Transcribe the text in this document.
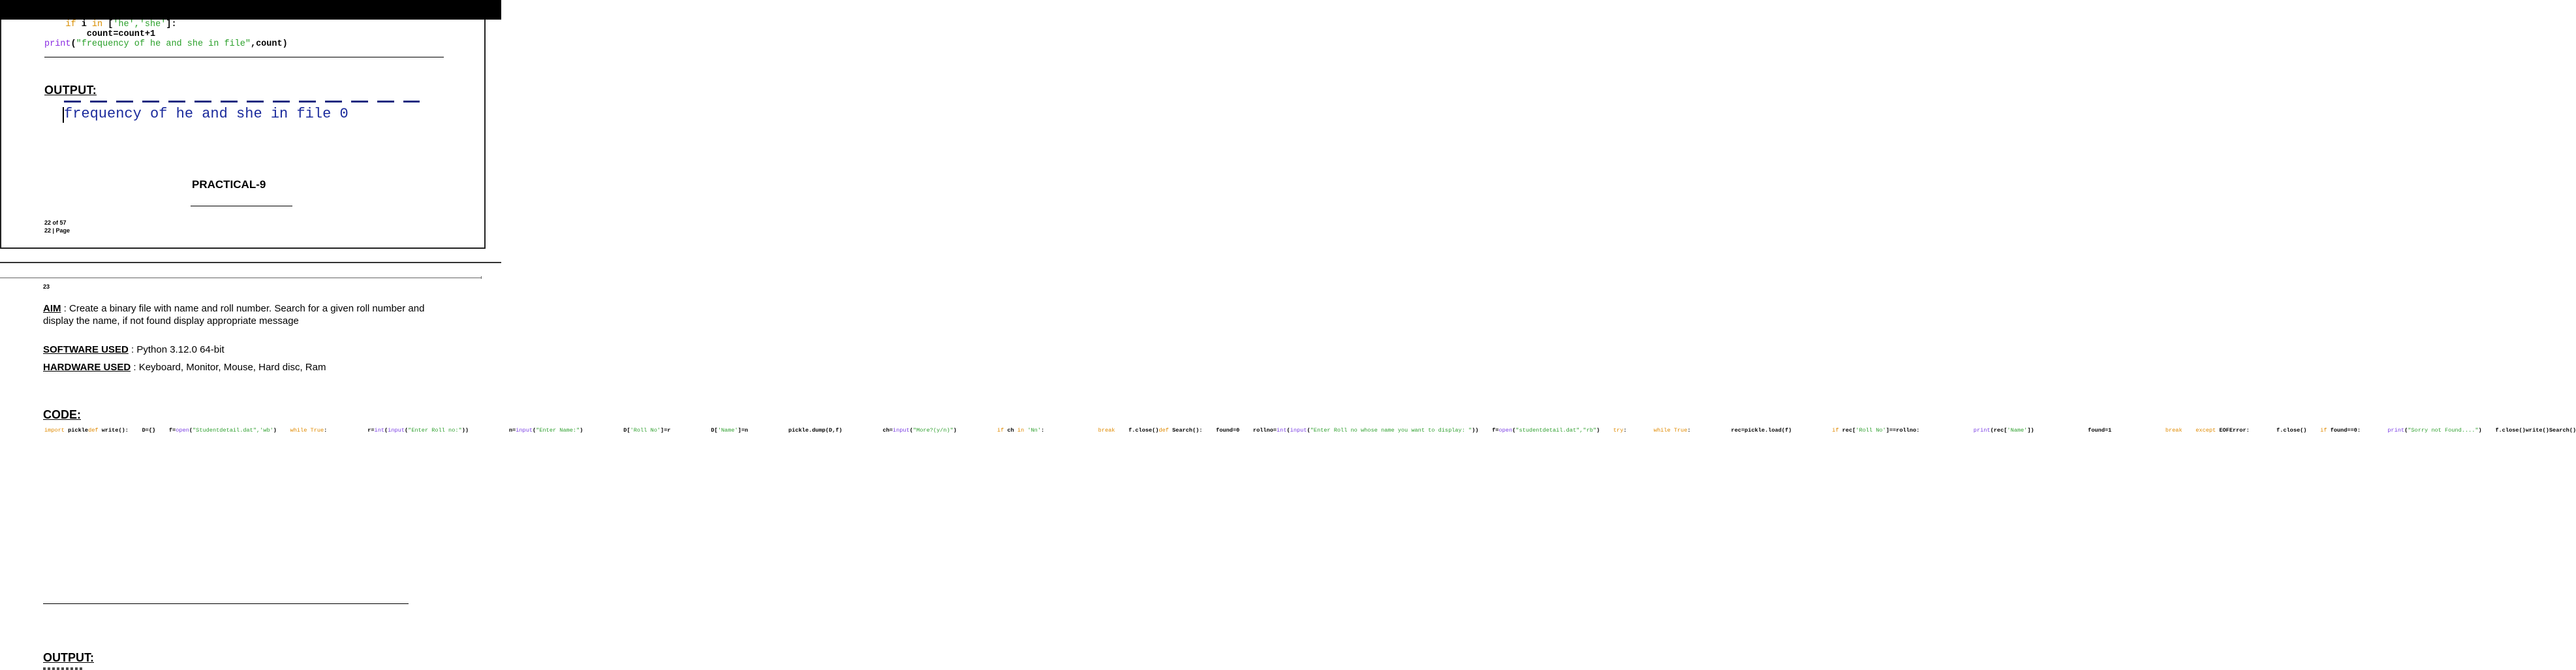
if i in ['he','she']:
count=count+1
print("frequency of he and she in file",count)
OUTPUT:
frequency of he and she in file 0
PRACTICAL-9
22 of 57
22 | Page
23
AIM : Create a binary file with name and roll number. Search for a given roll number and display the name, if not found display appropriate message
SOFTWARE USED : Python 3.12.0 64-bit
HARDWARE USED : Keyboard, Monitor, Mouse, Hard disc, Ram
CODE:
import pickledef write():    D={}    f=open("Studentdetail.dat",'wb') while True:            r=int(input("Enter Roll no:"))            n=input("Enter Name:")            D['Roll No']=r            D['Name']=n            pickle.dump(D,f)            ch=input("More?(y/n)")	if ch in 'Nn':	break    f.close()def Search():    found=0    rollno=int(input("Enter Roll no whose name you want to display: "))    f=open("studentdetail.dat","rb") try:	while True:            rec=pickle.load(f)	if rec['Roll No']==rollno:	print(rec['Name'])                found=1	break except EOFError:        f.close() if found==0:	print("Sorry not Found....")    f.close()write()Search()
OUTPUT:
